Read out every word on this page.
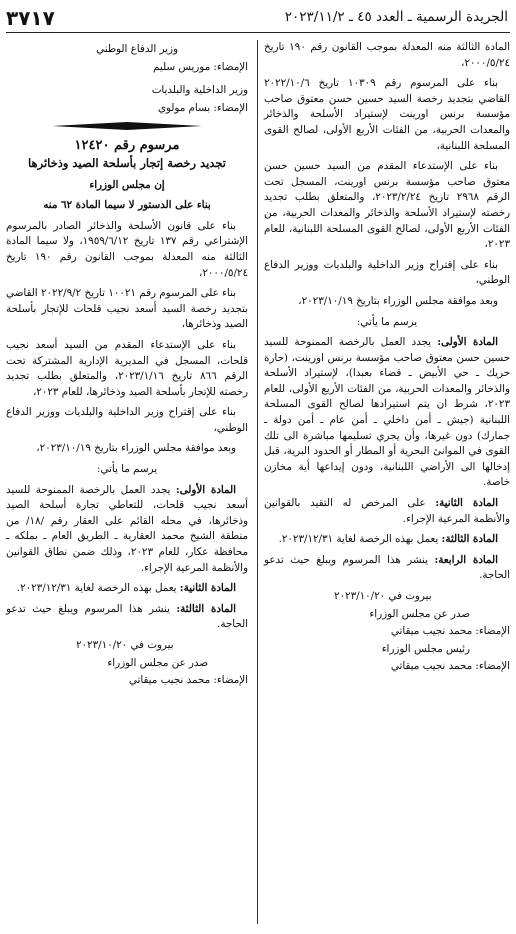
٣٧١٧	الجريدة الرسمية ـ العدد ٤٥ ـ ٢٠٢٣/١١/٢

المادة الثالثة منه المعدلة بموجب القانون رقم ١٩٠ تاريخ ٢٠٠٠/٥/٢٤،

بناء على المرسوم رقم ١٠٣٠٩ تاريخ ٢٠٢٢/١٠/٦ القاضي بتجديد رخصة السيد حسين حسن معتوق صاحب مؤسسة برنس اورينت لإستيراد الأسلحة والذخائر والمعدات الحربية، من الفئات الأربع الأولى، لصالح القوى المسلحة اللبنانية،

بناء على الإستدعاء المقدم من السيد حسين حسن معتوق صاحب مؤسسة برنس اورينت، المسجل تحت الرقم ٢٩٦٨ تاريخ ٢٠٢٣/٢/٢٤، والمتعلق بطلب تجديد رخصته لإستيراد الأسلحة والذخائر والمعدات الحربية، من الفئات الأربع الأولى، لصالح القوى المسلحة اللبنانية، للعام ٢٠٢٣،

بناء على إقتراح وزير الداخلية والبلديات ووزير الدفاع الوطني،

وبعد موافقة مجلس الوزراء بتاريخ ٢٠٢٣/١٠/١٩،

يرسم ما يأتي:

المادة الأولى: يجدد العمل بالرخصة الممنوحة للسيد حسين حسن معتوق صاحب مؤسسة برنس اورينت، (حارة حريك ـ حي الأبيض ـ قضاء بعبدا)، لإستيراد الأسلحة والذخائر والمعدات الحربية، من الفئات الأربع الأولى، للعام ٢٠٢٣، شرط ان يتم استيرادها لصالح القوى المسلحة اللبنانية (جيش ـ أمن داخلي ـ أمن عام ـ أمن دولة ـ جمارك) دون غيرها، وأن يجري تسليمها مباشرة الى تلك القوى في الموانئ البحرية أو المطار أو الحدود البرية، قبل إدخالها الى الأراضي اللبنانية، ودون إيداعها أية مخازن خاصة.

المادة الثانية: على المرخص له التقيد بالقوانين والأنظمة المرعية الإجراء.

المادة الثالثة: يعمل بهذه الرخصة لغاية ٢٠٢٣/١٢/٣١.

المادة الرابعة: ينشر هذا المرسوم ويبلغ حيث تدعو الحاجة.

بيروت في ٢٠٢٣/١٠/٢٠

صدر عن مجلس الوزراء

الإمضاء: محمد نجيب ميقاتي

رئيس مجلس الوزراء

الإمضاء: محمد نجيب ميقاتي

وزير الدفاع الوطني

الإمضاء: موريس سليم

وزير الداخلية والبلديات

الإمضاء: بسام مولوي

مرسوم رقم ١٢٤٢٠
تجديد رخصة إتجار بأسلحة الصيد وذخائرها

إن مجلس الوزراء

بناء على الدستور لا سيما المادة ٦٢ منه

بناء على قانون الأسلحة والذخائر الصادر بالمرسوم الإشتراعي رقم ١٣٧ تاريخ ١٩٥٩/٦/١٢، ولا سيما المادة الثالثة منه المعدلة بموجب القانون رقم ١٩٠ تاريخ ٢٠٠٠/٥/٢٤،

بناء على المرسوم رقم ١٠٠٢١ تاريخ ٢٠٢٢/٩/٢ القاضي بتجديد رخصة السيد أسعد نجيب قلحات للإتجار بأسلحة الصيد وذخائرها،

بناء على الإستدعاء المقدم من السيد أسعد نجيب قلحات، المسجل في المديرية الإدارية المشتركة تحت الرقم ٨٦٦ تاريخ ٢٠٢٣/١/١٦، والمتعلق بطلب تجديد رخصته للإتجار بأسلحة الصيد وذخائرها، للعام ٢٠٢٣،

بناء على إقتراح وزير الداخلية والبلديات ووزير الدفاع الوطني،

وبعد موافقة مجلس الوزراء بتاريخ ٢٠٢٣/١٠/١٩،

يرسم ما يأتي:

المادة الأولى: يجدد العمل بالرخصة الممنوحة للسيد أسعد نجيب قلحات، للتعاطي تجارة أسلحة الصيد وذخائرها، في محله القائم على العقار رقم /١٨/ من منطقة الشيخ محمد العقارية ـ الطريق العام ـ بملكه ـ محافظة عكار، للعام ٢٠٢٣، وذلك ضمن نطاق القوانين والأنظمة المرعية الإجراء.

المادة الثانية: يعمل بهذه الرخصة لغاية ٢٠٢٣/١٢/٣١.

المادة الثالثة: ينشر هذا المرسوم ويبلغ حيث تدعو الحاجة.

بيروت في ٢٠٢٣/١٠/٢٠

صدر عن مجلس الوزراء

الإمضاء: محمد نجيب ميقاتي
